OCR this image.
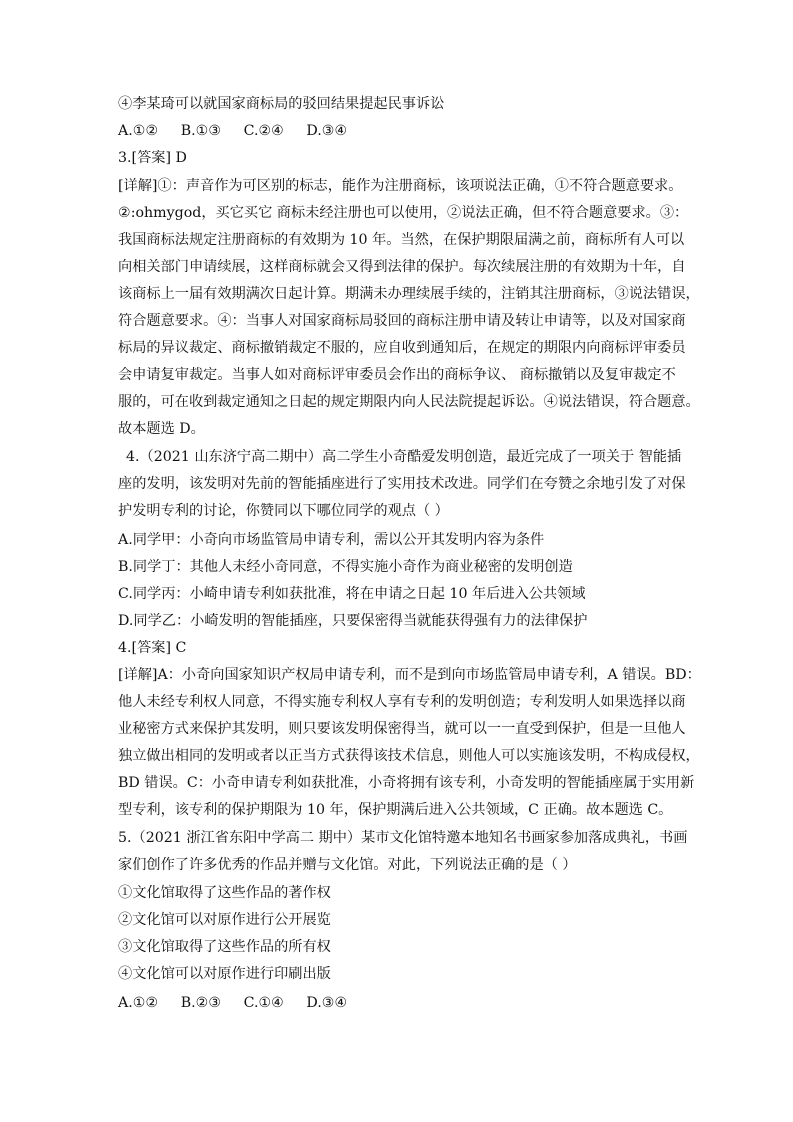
④李某琦可以就国家商标局的驳回结果提起民事诉讼
A.①② B.①③ C.②④ D.③④
3.[答案] D
[详解]①：声音作为可区别的标志，能作为注册商标，该项说法正确，①不符合题意要求。
②:ohmygod，买它买它 商标未经注册也可以使用，②说法正确，但不符合题意要求。③：
我国商标法规定注册商标的有效期为 10 年。当然，在保护期限届满之前，商标所有人可以
向相关部门申请续展，这样商标就会又得到法律的保护。每次续展注册的有效期为十年，自
该商标上一届有效期满次日起计算。期满未办理续展手续的，注销其注册商标，③说法错误，
符合题意要求。④：当事人对国家商标局驳回的商标注册申请及转让申请等，以及对国家商
标局的异议裁定、商标撤销裁定不服的，应自收到通知后，在规定的期限内向商标评审委员
会申请复审裁定。当事人如对商标评审委员会作出的商标争议、 商标撤销以及复审裁定不
服的，可在收到裁定通知之日起的规定期限内向人民法院提起诉讼。④说法错误，符合题意。
故本题选 D。
4.（2021 山东济宁高二期中）高二学生小奇酷爱发明创造，最近完成了一项关于 智能插
座的发明，该发明对先前的智能插座进行了实用技术改进。同学们在夸赞之余地引发了对保
护发明专利的讨论，你赞同以下哪位同学的观点（ ）
A.同学甲：小奇向市场监管局申请专利，需以公开其发明内容为条件
B.同学丁：其他人未经小奇同意，不得实施小奇作为商业秘密的发明创造
C.同学丙：小崎申请专利如获批准，将在申请之日起 10 年后进入公共领域
D.同学乙：小崎发明的智能插座，只要保密得当就能获得强有力的法律保护
4.[答案] C
[详解]A：小奇向国家知识产权局申请专利，而不是到向市场监管局申请专利，A 错误。BD：
他人未经专利权人同意，不得实施专利权人享有专利的发明创造；专利发明人如果选择以商
业秘密方式来保护其发明，则只要该发明保密得当，就可以一一直受到保护，但是一旦他人
独立做出相同的发明或者以正当方式获得该技术信息，则他人可以实施该发明，不构成侵权，
BD 错误。C：小奇申请专利如获批准，小奇将拥有该专利，小奇发明的智能插座属于实用新
型专利，该专利的保护期限为 10 年，保护期满后进入公共领域，C 正确。故本题选 C。
5.（2021 浙江省东阳中学高二 期中）某市文化馆特邀本地知名书画家参加落成典礼，书画
家们创作了许多优秀的作品并赠与文化馆。对此，下列说法正确的是（ ）
①文化馆取得了这些作品的著作权
②文化馆可以对原作进行公开展览
③文化馆取得了这些作品的所有权
④文化馆可以对原作进行印刷出版
A.①② B.②③ C.①④ D.③④
